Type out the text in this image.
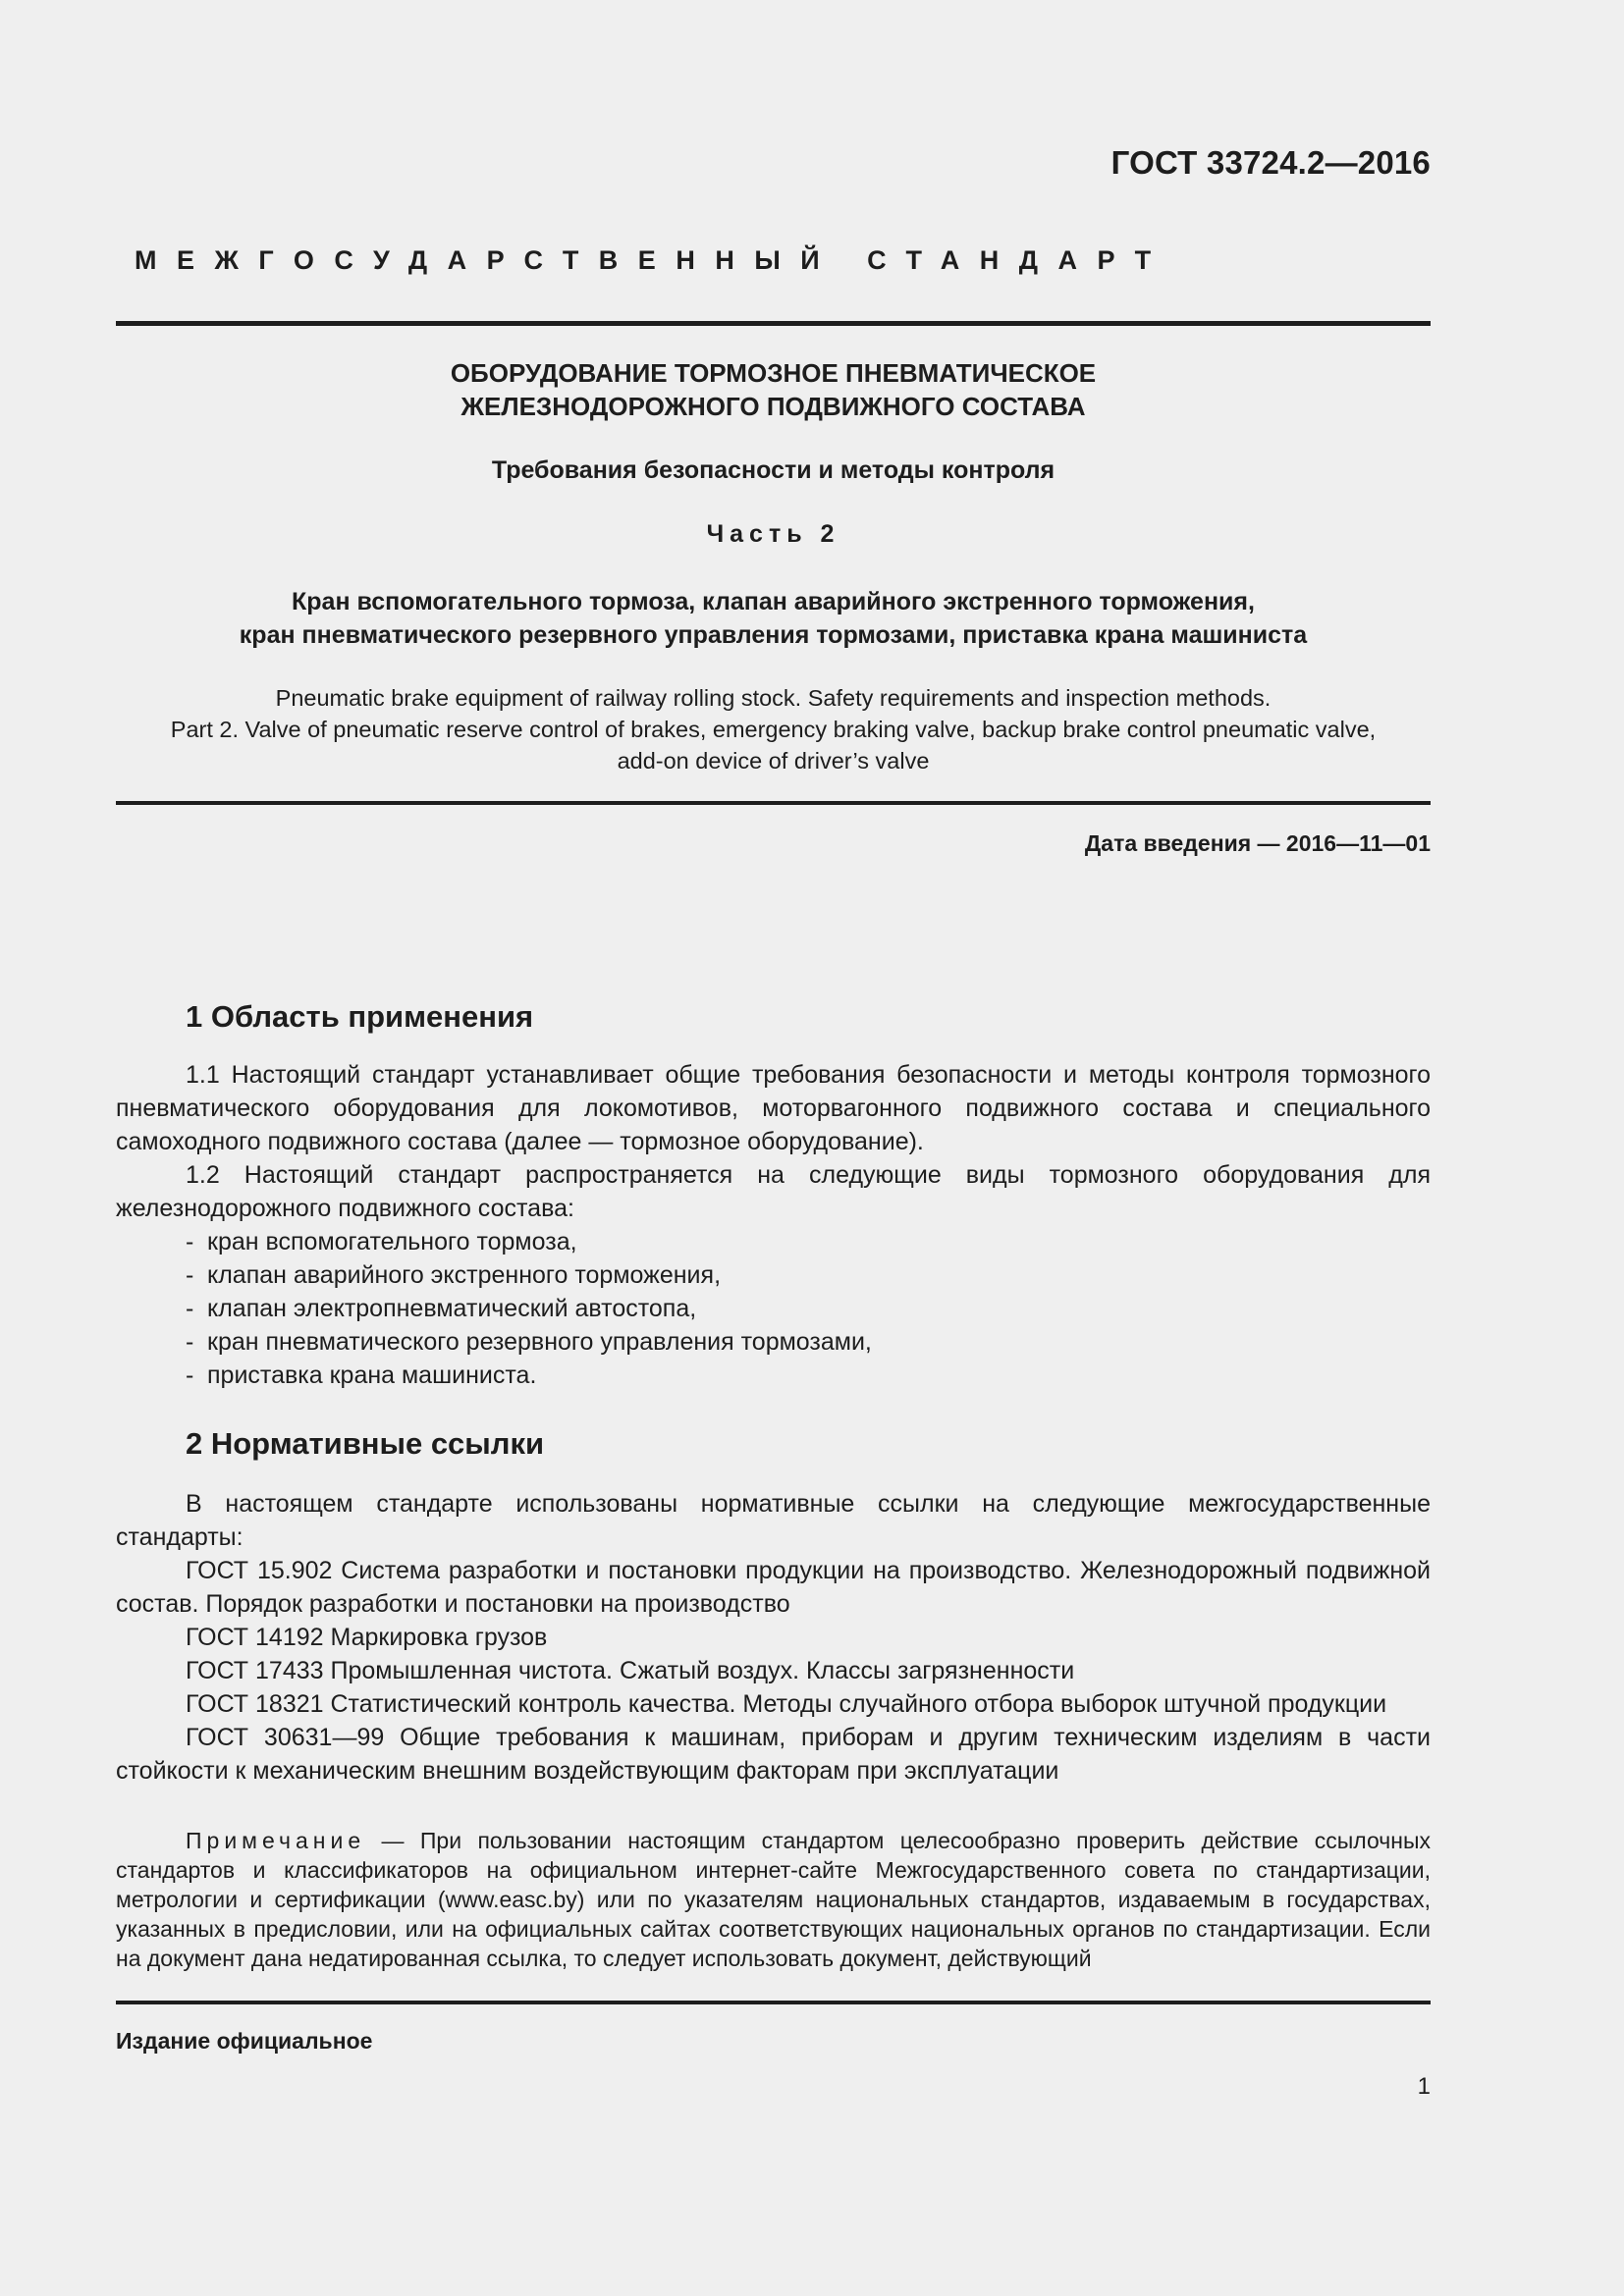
ГОСТ 33724.2—2016
МЕЖГОСУДАРСТВЕННЫЙ СТАНДАРТ
ОБОРУДОВАНИЕ ТОРМОЗНОЕ ПНЕВМАТИЧЕСКОЕ
ЖЕЛЕЗНОДОРОЖНОГО ПОДВИЖНОГО СОСТАВА
Требования безопасности и методы контроля
Часть 2
Кран вспомогательного тормоза, клапан аварийного экстренного торможения,
кран пневматического резервного управления тормозами, приставка крана машиниста
Pneumatic brake equipment of railway rolling stock. Safety requirements and inspection methods.
Part 2. Valve of pneumatic reserve control of brakes, emergency braking valve, backup brake control pneumatic valve,
add-on device of driver’s valve
Дата введения — 2016—11—01
1 Область применения

1.1 Настоящий стандарт устанавливает общие требования безопасности и методы контроля тормозного пневматического оборудования для локомотивов, моторвагонного подвижного состава и специального самоходного подвижного состава (далее — тормозное оборудование).

1.2 Настоящий стандарт распространяется на следующие виды тормозного оборудования для железнодорожного подвижного состава:

- кран вспомогательного тормоза,
- клапан аварийного экстренного торможения,
- клапан электропневматический автостопа,
- кран пневматического резервного управления тормозами,
- приставка крана машиниста.
2 Нормативные ссылки

В настоящем стандарте использованы нормативные ссылки на следующие межгосударственные стандарты:

ГОСТ 15.902 Система разработки и постановки продукции на производство. Железнодорожный подвижной состав. Порядок разработки и постановки на производство

ГОСТ 14192 Маркировка грузов

ГОСТ 17433 Промышленная чистота. Сжатый воздух. Классы загрязненности

ГОСТ 18321 Статистический контроль качества. Методы случайного отбора выборок штучной продукции

ГОСТ 30631—99 Общие требования к машинам, приборам и другим техническим изделиям в части стойкости к механическим внешним воздействующим факторам при эксплуатации

Примечание — При пользовании настоящим стандартом целесообразно проверить действие ссылочных стандартов и классификаторов на официальном интернет-сайте Межгосударственного совета по стандартизации, метрологии и сертификации (www.easc.by) или по указателям национальных стандартов, издаваемым в государствах, указанных в предисловии, или на официальных сайтах соответствующих национальных органов по стандартизации. Если на документ дана недатированная ссылка, то следует использовать документ, действующий
Издание официальное
1
